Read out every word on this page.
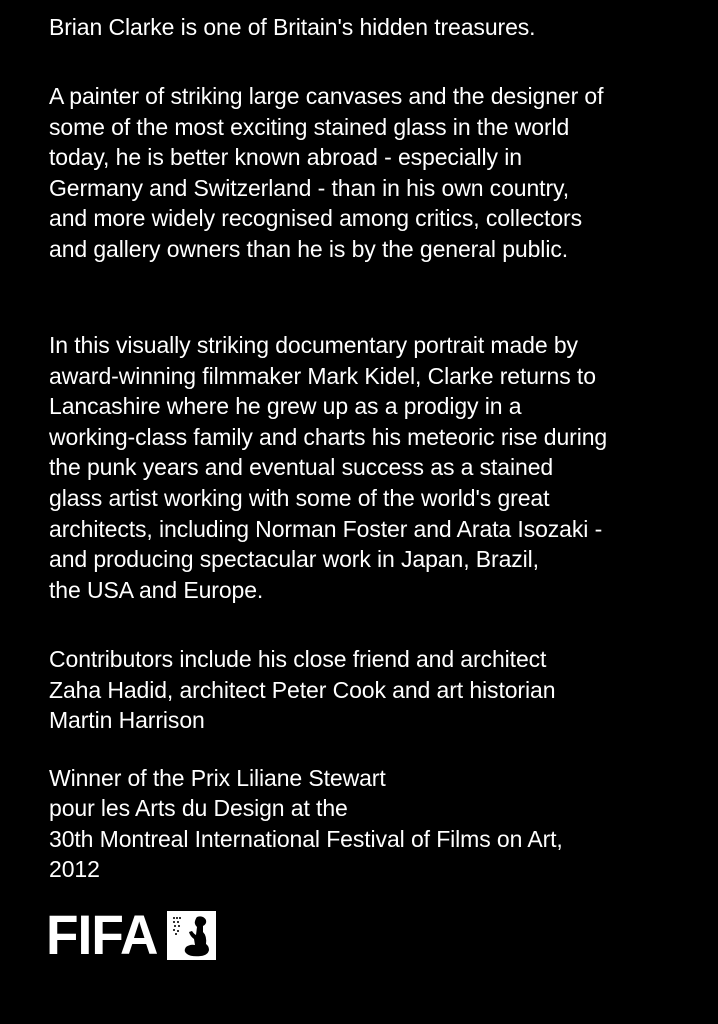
Brian Clarke is one of Britain's hidden treasures.
A painter of striking large canvases and the designer of
some of the most exciting stained glass in the world
today, he is better known abroad - especially in
Germany and Switzerland - than in his own country,
and more widely recognised among critics, collectors
and gallery owners than he is by the general public.
In this visually striking documentary portrait made by
award-winning filmmaker Mark Kidel, Clarke returns to
Lancashire where he grew up as a prodigy in a
working-class family and charts his meteoric rise during
the punk years and eventual success as a stained
glass artist working with some of the world's great
architects, including Norman Foster and Arata Isozaki -
and producing spectacular work in Japan, Brazil,
the USA and Europe.
Contributors include his close friend and architect
Zaha Hadid, architect Peter Cook and art historian
Martin Harrison
Winner of the Prix Liliane Stewart
pour les Arts du Design at the
30th Montreal International Festival of Films on Art,
2012
FIFA
